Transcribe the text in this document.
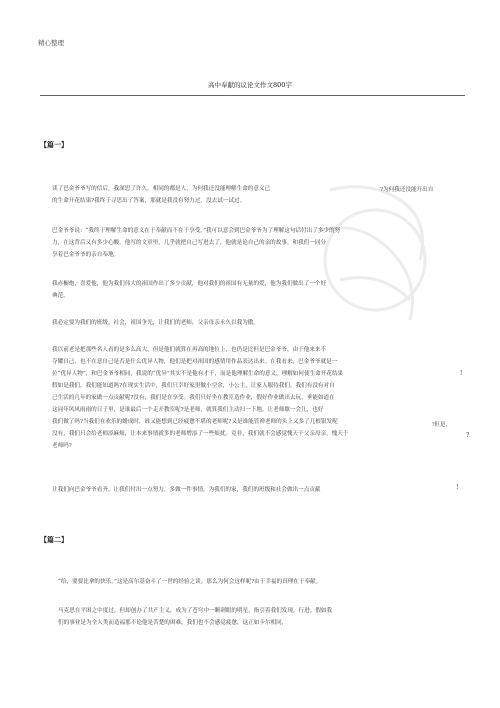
精心整理
高中奉献的议论文作文800字
【篇一】
读了巴金爷爷写的信后，我深思了许久。相同的都是人，为何我还没能理解生命的意义已
的生命开花结果?我终于寻思出了答案，那就是我没有努力过，没去试一试过。
?为何我还没能开出自
巴金爷爷说：“我终于理解生命的意义在于奉献而不在于享受。”我可以意会到巴金爷爷为了理解这句话付出了多少的努
力，在这背后又有多少心酸，他写的文章里，几乎就把自己写进去了，他就是论自己的亲的故事，和我们一同分
享着巴金爷爷的亲自奉地。
我赤橱炮，喜爱他，他为我们伟大的祖国作出了多少贡献，他对我们的祖国有无量的爱，他为我们做出了一个好
典范。
我必定要为我们的班级，社会，祖国争光，让我们的老师，父亲母亲永久以我为傲。
我以前老是把那些名人看的是多么高大，但是他们就算在再高的地位上，也仍是比但是巴金爷爷，由于他来来不
夺耀自己，也不在意自己是否是什么优异人物，他们是把对祖国的感情用作品表达出来。在我看来，巴金爷爷就是一
位“优异人物”，和巴金爷爷相同，我说的“优异”其实不是他有才干，而是他理解生命的意义，理解如何使生命开花结果
假如是我们，我们能知道吗?在现实生活中，我们只幸好家里做小空余，小公主，让家人服侍我们，我们有没有对自
己生活的几年的家做一点贡献呢?没有，我们是在享受。我们只好坐在教室造作业，假好作业做出去玩，垂能如道在
这同年风风雨雨的日子里，是谁最后一个走开教室呢?是老师，就算我们主动扫一下地，让老师歇一会儿，也好
我们做了吗?当我们在欢乐的蜡成时，谁又能想到已经疲惫不堪的老师呢?又是谁能管禅老师的头上又多了几根银发呢
没有，我们只会给老师添麻烦，让本来事情就多的老师增添了一些烦扰。竟非，我们就不会感觉愧天于父亲母亲，愧天于
老师吗?
!
!但是，
?
让我们向巴金爷爷看齐，让我们付出一点努力，多做一件事情，为我们的家，我们的班级和社会做出一点贡献	!
【篇二】
“给，要要比拿的快乐。”这是高尔基奋斗了一世的经验之谈。那么为何会这样呢?由于幸福的真理在于奉献。
马克思在平困之中度过，但却创办了共产主义，成为了苍穹中一颗刺眼的明星，指引着我们发现，行进。假如我
们的事业是为全人类而造福那不论他是苦楚的困难，我们也不会感觉疲惫，这正如卡尔相同，
